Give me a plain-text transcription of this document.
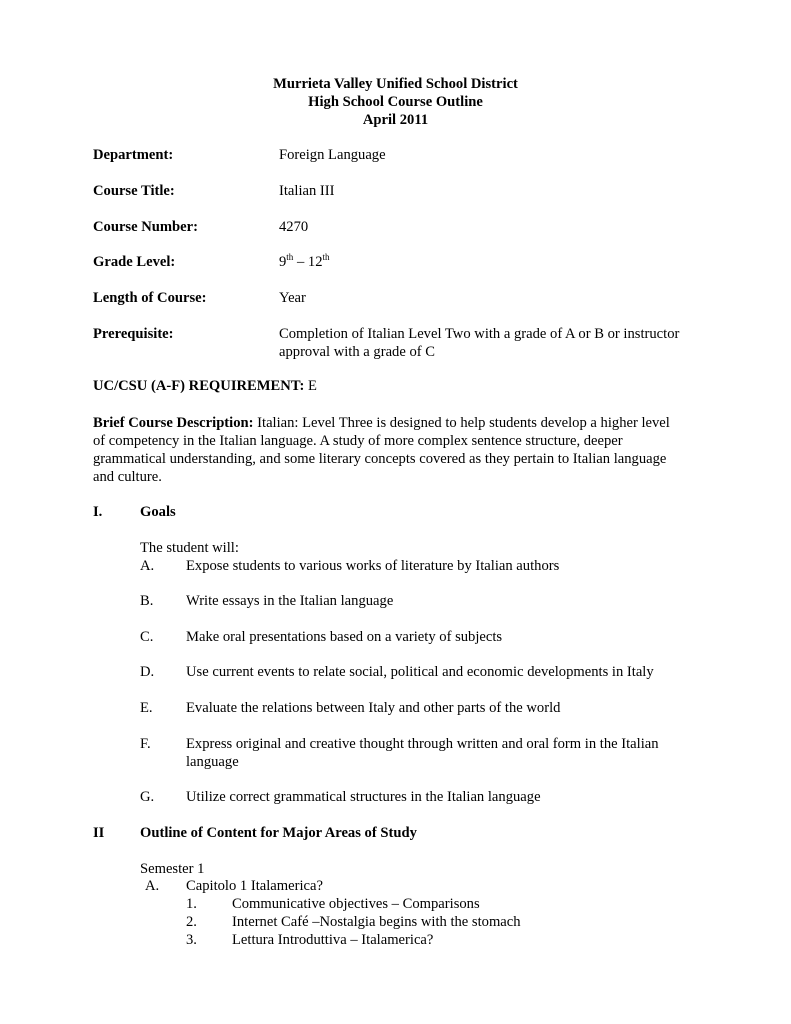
Murrieta Valley Unified School District
High School Course Outline
April 2011
Department:	Foreign Language
Course Title:	Italian III
Course Number:	4270
Grade Level:	9th – 12th
Length of Course:	Year
Prerequisite:	Completion of Italian Level Two with a grade of A or B or instructor
approval with a grade of C
UC/CSU (A-F) REQUIREMENT: E
Brief Course Description: Italian: Level Three is designed to help students develop a higher level
of competency in the Italian language. A study of more complex sentence structure, deeper
grammatical understanding, and some literary concepts covered as they pertain to Italian language
and culture.
I.	Goals
The student will:
A. Expose students to various works of literature by Italian authors
B. Write essays in the Italian language
C. Make oral presentations based on a variety of subjects
D. Use current events to relate social, political and economic developments in Italy
E. Evaluate the relations between Italy and other parts of the world
F. Express original and creative thought through written and oral form in the Italian
language
G. Utilize correct grammatical structures in the Italian language
II Outline of Content for Major Areas of Study
Semester 1
A. Capitolo 1 Italamerica?
1. Communicative objectives – Comparisons
2. Internet Café –Nostalgia begins with the stomach
3. Lettura Introduttiva – Italamerica?
